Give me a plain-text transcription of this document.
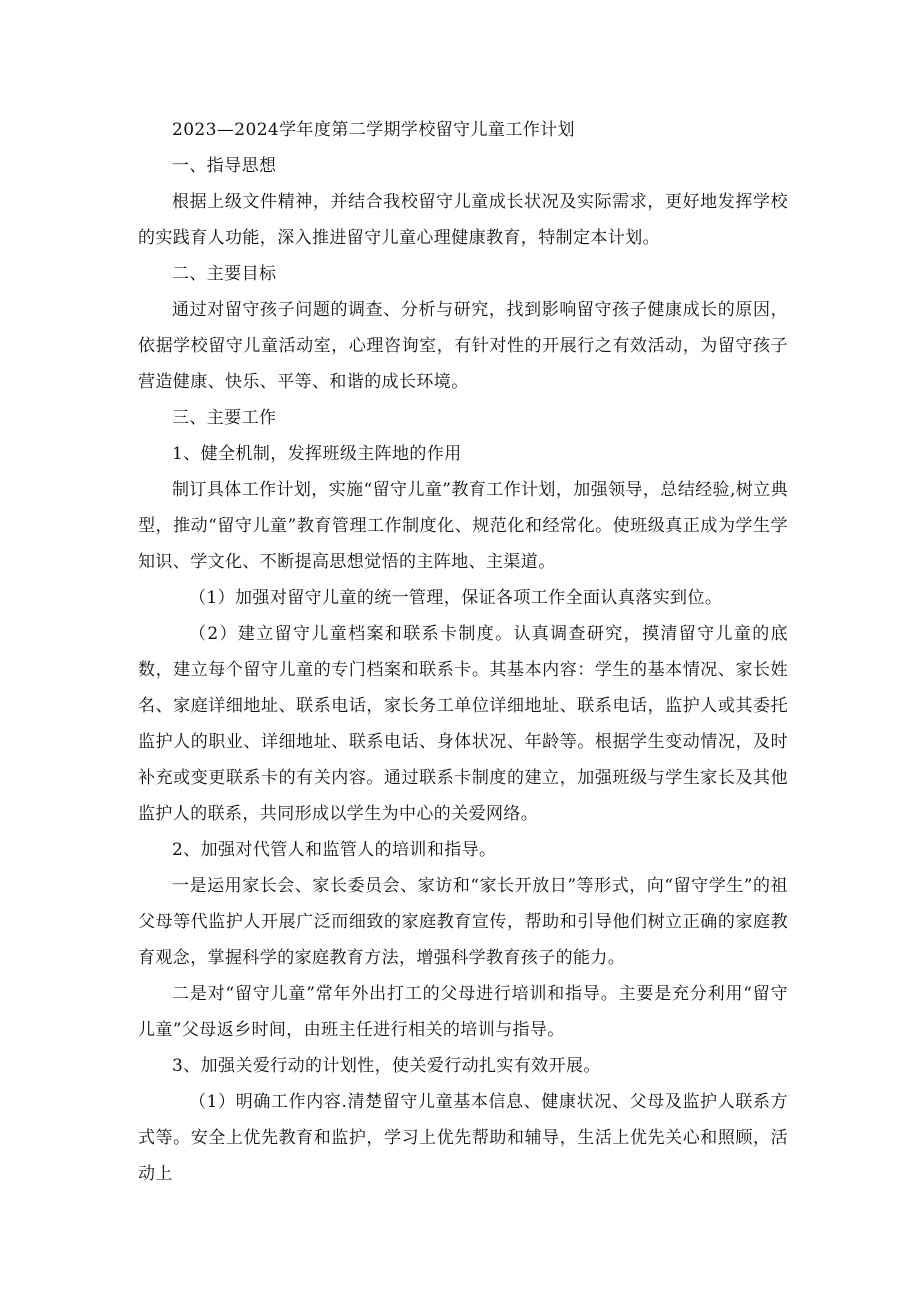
2023—2024学年度第二学期学校留守儿童工作计划

一、指导思想

根据上级文件精神，并结合我校留守儿童成长状况及实际需求，更好地发挥学校的实践育人功能，深入推进留守儿童心理健康教育，特制定本计划。

二、主要目标

通过对留守孩子问题的调查、分析与研究，找到影响留守孩子健康成长的原因，依据学校留守儿童活动室，心理咨询室，有针对性的开展行之有效活动，为留守孩子营造健康、快乐、平等、和谐的成长环境。

三、主要工作

1、健全机制，发挥班级主阵地的作用

制订具体工作计划，实施“留守儿童”教育工作计划，加强领导，总结经验,树立典型，推动“留守儿童”教育管理工作制度化、规范化和经常化。使班级真正成为学生学知识、学文化、不断提高思想觉悟的主阵地、主渠道。

（1）加强对留守儿童的统一管理，保证各项工作全面认真落实到位。

（2）建立留守儿童档案和联系卡制度。认真调查研究，摸清留守儿童的底数，建立每个留守儿童的专门档案和联系卡。其基本内容：学生的基本情况、家长姓名、家庭详细地址、联系电话，家长务工单位详细地址、联系电话，监护人或其委托监护人的职业、详细地址、联系电话、身体状况、年龄等。根据学生变动情况，及时补充或变更联系卡的有关内容。通过联系卡制度的建立，加强班级与学生家长及其他监护人的联系，共同形成以学生为中心的关爱网络。

2、加强对代管人和监管人的培训和指导。

一是运用家长会、家长委员会、家访和“家长开放日”等形式，向“留守学生”的祖父母等代监护人开展广泛而细致的家庭教育宣传，帮助和引导他们树立正确的家庭教育观念，掌握科学的家庭教育方法，增强科学教育孩子的能力。

二是对“留守儿童”常年外出打工的父母进行培训和指导。主要是充分利用“留守儿童”父母返乡时间，由班主任进行相关的培训与指导。

3、加强关爱行动的计划性，使关爱行动扎实有效开展。

（1）明确工作内容.清楚留守儿童基本信息、健康状况、父母及监护人联系方式等。安全上优先教育和监护，学习上优先帮助和辅导，生活上优先关心和照顾，活动上
